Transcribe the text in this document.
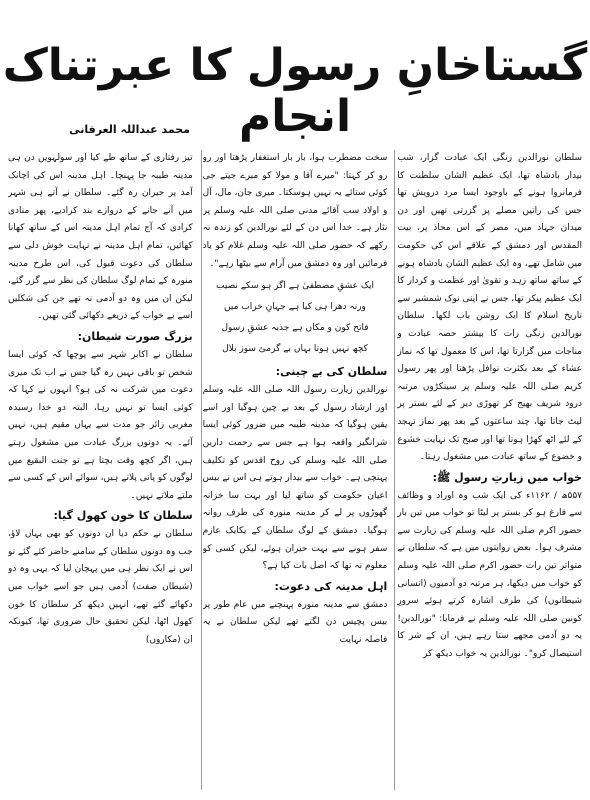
گستاخانِ رسول کا عبرتناک انجام
محمد عبداللہ العرفانی

سلطان نورالدین زنگی ایک عبادت گزار، شب بیدار بادشاہ تھا، ایک عظیم الشان سلطنت کا فرمانروا ہونے کے باوجود ایسا مرد درویش تھا جس کی راتیں مصلے پر گزرتی تھیں اور دن میدان جہاد میں، مصر کے اس محاذ پر، بیت المقدس اور دمشق کے علاقے اس کی حکومت میں شامل تھے، وہ ایک عظیم الشان بادشاہ ہونے کے ساتھ ساتھ زہد و تقویٰ اور عظمت و کردار کا ایک عظیم پیکر تھا، جس نے اپنی نوک شمشیر سے تاریخ اسلام کا ایک روشن باب لکھا۔ سلطان نورالدین زنگی رات کا بیشتر حصہ عبادت و مناجات میں گزارتا تھا، اس کا معمول تھا کہ نماز عشاء کے بعد بکثرت نوافل پڑھتا اور پھر رسول کریم صلی اللہ علیہ وسلم پر سینکڑوں مرتبہ درود شریف بھیج کر تھوڑی دیر کے لئے بستر پر لیٹ جاتا تھا، چند ساعتوں کے بعد پھر نماز تہجد کے لئے اٹھ کھڑا ہوتا تھا اور صبح تک نہایت خشوع و خضوع کے ساتھ عبادت میں مشغول رہتا۔

خواب میں زیارتِ رسول ﷺ:

۵۵۷ھ / ۱۱۶۲ء کی ایک شب وہ اوراد و وظائف سے فارغ ہو کر بستر پر لیٹا تو خواب میں تین بار حضور اکرم صلی اللہ علیہ وسلم کی زیارت سے مشرف ہوا۔ بعض روایتوں میں ہے کہ سلطان نے متواتر تین رات حضور اکرم صلی اللہ علیہ وسلم کو خواب میں دیکھا، ہر مرتبہ دو آدمیوں (انسانی شیطانوں) کی طرف اشارہ کرتے ہوئے سرورِ کونین صلی اللہ علیہ وسلم نے فرمایا: "نورالدین! یہ دو آدمی مجھے ستا رہے ہیں، ان کے شر کا استیصال کرو"۔ نورالدین یہ خواب دیکھ کر

سخت مضطرب ہوا، بار بار استغفار پڑھتا اور رو رو کر کہتا: "میرے آقا و مولا کو میرے جیتے جی کوئی ستائے یہ نہیں ہوسکتا۔ میری جان، مال، آل و اولاد سب آقائے مدنی صلی اللہ علیہ وسلم پر نثار ہے۔ خدا اس دن کے لئے نورالدین کو زندہ نہ رکھے کہ حضور صلی اللہ علیہ وسلم غلام کو یاد فرمائیں اور وہ دمشق میں آرام سے بیٹھا رہے"۔

ایک عشقِ مصطفیٰ ہے اگر ہو سکے نصیب
ورنہ دھرا ہی کیا ہے جہانِ خراب میں
فاتح کون و مکاں ہے جذبہ عشقِ رسول
کچھ نہیں ہوتا بہاں بے گرمئ سوز بلال
سلطان کی بے چینی:

نورالدین زیارت رسول اللہ صلی اللہ علیہ وسلم اور ارشاد رسول کے بعد بے چین ہوگیا اور اسے یقین ہوگیا کہ مدینہ طیبہ میں ضرور کوئی ایسا شرانگیز واقعہ ہوا ہے جس سے رحمت دارین صلی اللہ علیہ وسلم کی روح اقدس کو تکلیف پہنچی ہے۔ خواب سے بیدار ہوتے ہی اس نے بیس اعیان حکومت کو ساتھ لیا اور بہت سا خزانہ گھوڑوں پر لے کر مدینہ منورہ کی طرف روانہ ہوگیا۔ دمشق کے لوگ سلطان کے یکایک عازم سفر ہونے سے بہت حیران ہوئے، لیکن کسی کو معلوم نہ تھا کہ اصل بات کیا ہے؟

اہل مدینہ کی دعوت:

دمشق سے مدینہ منورہ پہنچنے میں عام طور پر بیس پچیس دن لگتے تھے لیکن سلطان نے یہ فاصلہ نہایت

تیز رفتاری کے ساتھ طے کیا اور سولہویں دن ہی مدینہ طیبہ جا پہنچا۔ اہل مدینہ اس کی اچانک آمد پر حیران رہ گئے۔ سلطان نے آتے ہی شہر میں آنے جانے کے دروازے بند کرادیے، پھر منادی کرادی کہ آج تمام اہل مدینہ اس کے ساتھ کھانا کھائیں، تمام اہل مدینہ نے نہایت خوش دلی سے سلطان کی دعوت قبول کی، اس طرح مدینہ منورہ کے تمام لوگ سلطان کی نظر سے گزر گئے، لیکن ان میں وہ دو آدمی نہ تھے جن کی شکلیں اسے بے خواب کے ذریعے دکھائی گئی تھیں۔

بزرگ صورت شیطان:

سلطان نے اکابر شہر سے پوچھا کہ کوئی ایسا شخص تو باقی نہیں رہ گیا جس نے اب تک میری دعوت میں شرکت نہ کی ہو؟ انہوں نے کہا کہ کوئی ایسا تو نہیں رہا، البتہ دو خدا رسیدہ مغربی زائر جو مدت سے یہاں مقیم ہیں، نہیں آئے۔ یہ دونوں بزرگ عبادت میں مشغول رہتے ہیں، اگر کچھ وقت بچتا ہے تو جنت البقیع میں لوگوں کو پانی پلاتے ہیں، سوائے اس کے کسی سے ملتے ملاتے نہیں۔

سلطان کا خون کھول گیا:

سلطان نے حکم دیا ان دونوں کو بھی یہاں لاؤ، جب وہ دونوں سلطان کے سامنے حاضر کئے گئے تو اس نے ایک نظر ہی میں پہچان لیا کہ یہی وہ دو (شیطان صفت) آدمی ہیں جو اسے خواب میں دکھائے گئے تھے، انہیں دیکھ کر سلطان کا خون کھول اٹھا، لیکن تحقیق حال ضروری تھا، کیونکہ ان (مکاروں)
